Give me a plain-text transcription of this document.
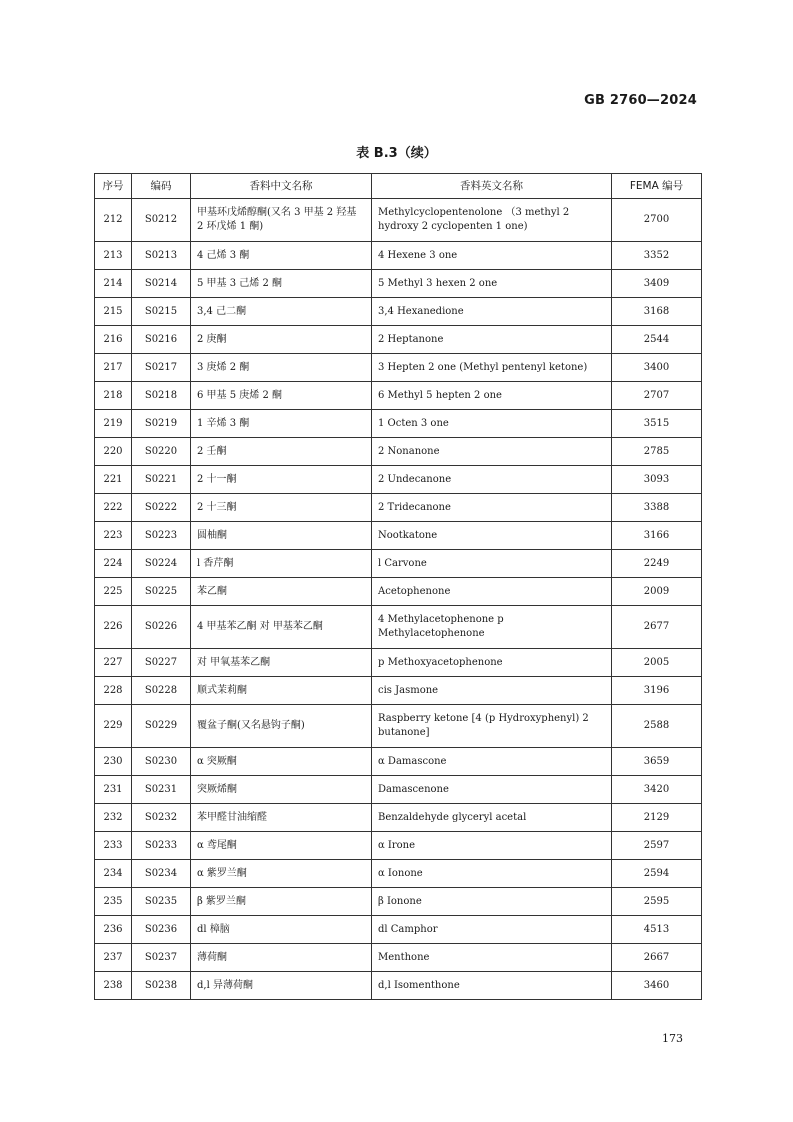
GB 2760—2024
表 B.3（续）
序号	编码	香料中文名称	香料英文名称	FEMA 编号
212	S0212	甲基环戊烯醇酮(又名 3 甲基 2 羟基 2 环戊烯 1 酮)	Methylcyclopentenolone （3 methyl 2 hydroxy 2 cyclopenten 1 one)	2700
213	S0213	4 己烯 3 酮	4 Hexene 3 one	3352
214	S0214	5 甲基 3 己烯 2 酮	5 Methyl 3 hexen 2 one	3409
215	S0215	3,4 己二酮	3,4 Hexanedione	3168
216	S0216	2 庚酮	2 Heptanone	2544
217	S0217	3 庚烯 2 酮	3 Hepten 2 one (Methyl pentenyl ketone)	3400
218	S0218	6 甲基 5 庚烯 2 酮	6 Methyl 5 hepten 2 one	2707
219	S0219	1 辛烯 3 酮	1 Octen 3 one	3515
220	S0220	2 壬酮	2 Nonanone	2785
221	S0221	2 十一酮	2 Undecanone	3093
222	S0222	2 十三酮	2 Tridecanone	3388
223	S0223	圆柚酮	Nootkatone	3166
224	S0224	l 香芹酮	l Carvone	2249
225	S0225	苯乙酮	Acetophenone	2009
226	S0226	4 甲基苯乙酮 对 甲基苯乙酮	4 Methylacetophenone p Methylacetophenone	2677
227	S0227	对 甲氧基苯乙酮	p Methoxyacetophenone	2005
228	S0228	顺式茉莉酮	cis Jasmone	3196
229	S0229	覆盆子酮(又名悬钩子酮)	Raspberry ketone [4 (p Hydroxyphenyl) 2 butanone]	2588
230	S0230	α 突厥酮	α Damascone	3659
231	S0231	突厥烯酮	Damascenone	3420
232	S0232	苯甲醛甘油缩醛	Benzaldehyde glyceryl acetal	2129
233	S0233	α 鸢尾酮	α Irone	2597
234	S0234	α 紫罗兰酮	α Ionone	2594
235	S0235	β 紫罗兰酮	β Ionone	2595
236	S0236	dl 樟脑	dl Camphor	4513
237	S0237	薄荷酮	Menthone	2667
238	S0238	d,l 异薄荷酮	d,l Isomenthone	3460
173
